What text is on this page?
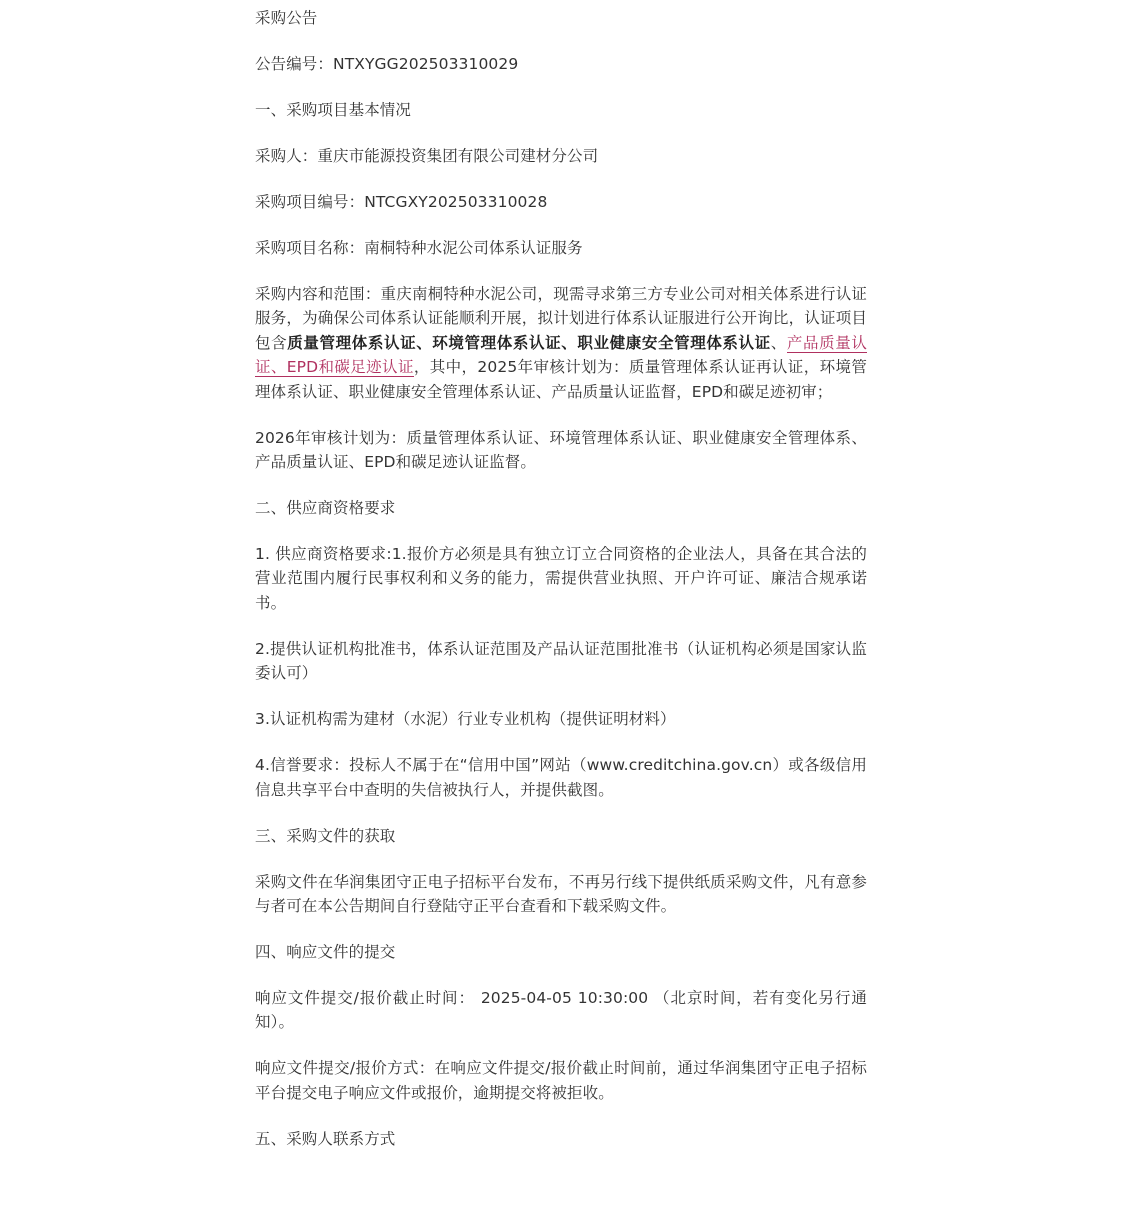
采购公告

公告编号：NTXYGG202503310029

一、采购项目基本情况

采购人：重庆市能源投资集团有限公司建材分公司

采购项目编号：NTCGXY202503310028

采购项目名称：南桐特种水泥公司体系认证服务

采购内容和范围：重庆南桐特种水泥公司，现需寻求第三方专业公司对相关体系进行认证服务，为确保公司体系认证能顺利开展，拟计划进行体系认证服进行公开询比，认证项目包含质量管理体系认证、环境管理体系认证、职业健康安全管理体系认证、产品质量认证、EPD和碳足迹认证，其中，2025年审核计划为：质量管理体系认证再认证，环境管理体系认证、职业健康安全管理体系认证、产品质量认证监督，EPD和碳足迹初审；

2026年审核计划为：质量管理体系认证、环境管理体系认证、职业健康安全管理体系、产品质量认证、EPD和碳足迹认证监督。

二、供应商资格要求

1. 供应商资格要求:1.报价方必须是具有独立订立合同资格的企业法人，具备在其合法的营业范围内履行民事权利和义务的能力，需提供营业执照、开户许可证、廉洁合规承诺书。

2.提供认证机构批准书，体系认证范围及产品认证范围批准书（认证机构必须是国家认监委认可）

3.认证机构需为建材（水泥）行业专业机构（提供证明材料）

4.信誉要求：投标人不属于在“信用中国”网站（www.creditchina.gov.cn）或各级信用信息共享平台中查明的失信被执行人，并提供截图。

三、采购文件的获取

采购文件在华润集团守正电子招标平台发布，不再另行线下提供纸质采购文件，凡有意参与者可在本公告期间自行登陆守正平台查看和下载采购文件。

四、响应文件的提交

响应文件提交/报价截止时间： 2025-04-05 10:30:00 （北京时间，若有变化另行通知）。

响应文件提交/报价方式：在响应文件提交/报价截止时间前，通过华润集团守正电子招标平台提交电子响应文件或报价，逾期提交将被拒收。

五、采购人联系方式
